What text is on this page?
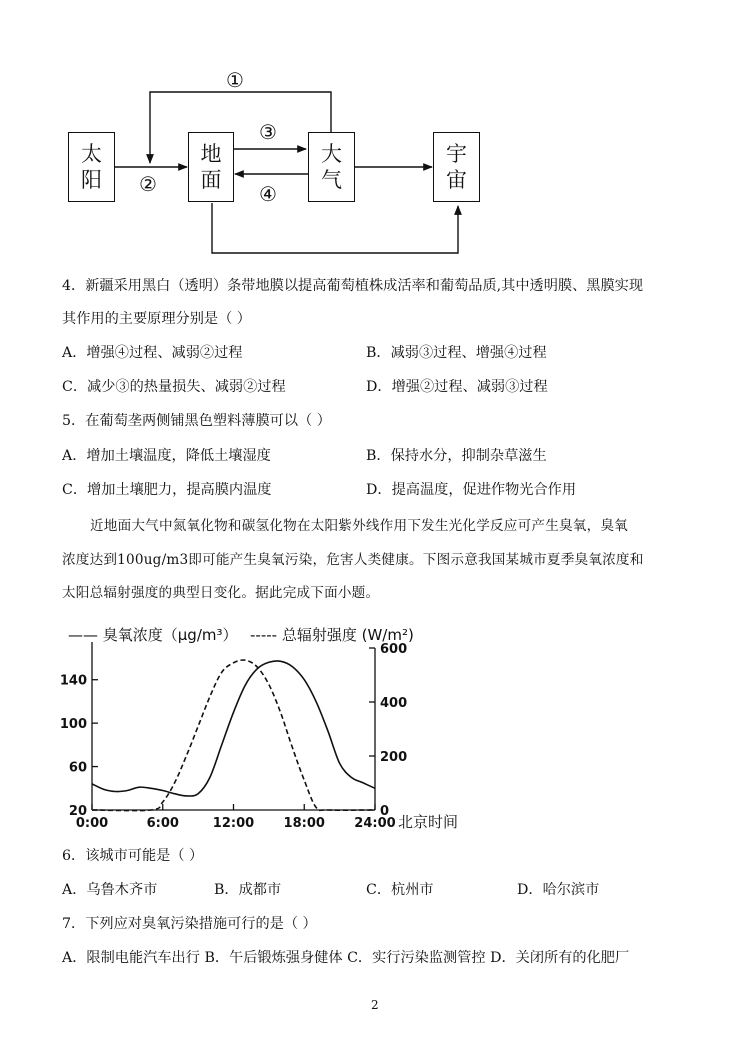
太
阳
地
面
大
气
宇
宙
①
②
③
④
4．新疆采用黑白（透明）条带地膜以提高葡萄植株成活率和葡萄品质,其中透明膜、黑膜实现
其作用的主要原理分别是（ ）
A．增强④过程、减弱②过程	B．减弱③过程、增强④过程
C．减少③的热量损失、减弱②过程	D．增强②过程、减弱③过程
5．在葡萄垄两侧铺黑色塑料薄膜可以（ ）
A．增加土壤温度，降低土壤湿度	B．保持水分，抑制杂草滋生
C．增加土壤肥力，提高膜内温度	D．提高温度，促进作物光合作用
近地面大气中氮氧化物和碳氢化物在太阳紫外线作用下发生光化学反应可产生臭氧，臭氧
浓度达到100ug/m3即可能产生臭氧污染，危害人类健康。下图示意我国某城市夏季臭氧浓度和
太阳总辐射强度的典型日变化。据此完成下面小题。
—— 臭氧浓度（μg/m³） ----- 总辐射强度 (W/m²)
0:00	6:00	12:00 18:00 24:00 北京时间
20
60
100
140
0
200
400
600
6．该城市可能是（ ）
A．乌鲁木齐市	B．成都市	C．杭州市	D．哈尔滨市
7．下列应对臭氧污染措施可行的是（ ）
A．限制电能汽车出行 B．午后锻炼强身健体 C．实行污染监测管控 D．关闭所有的化肥厂
2
